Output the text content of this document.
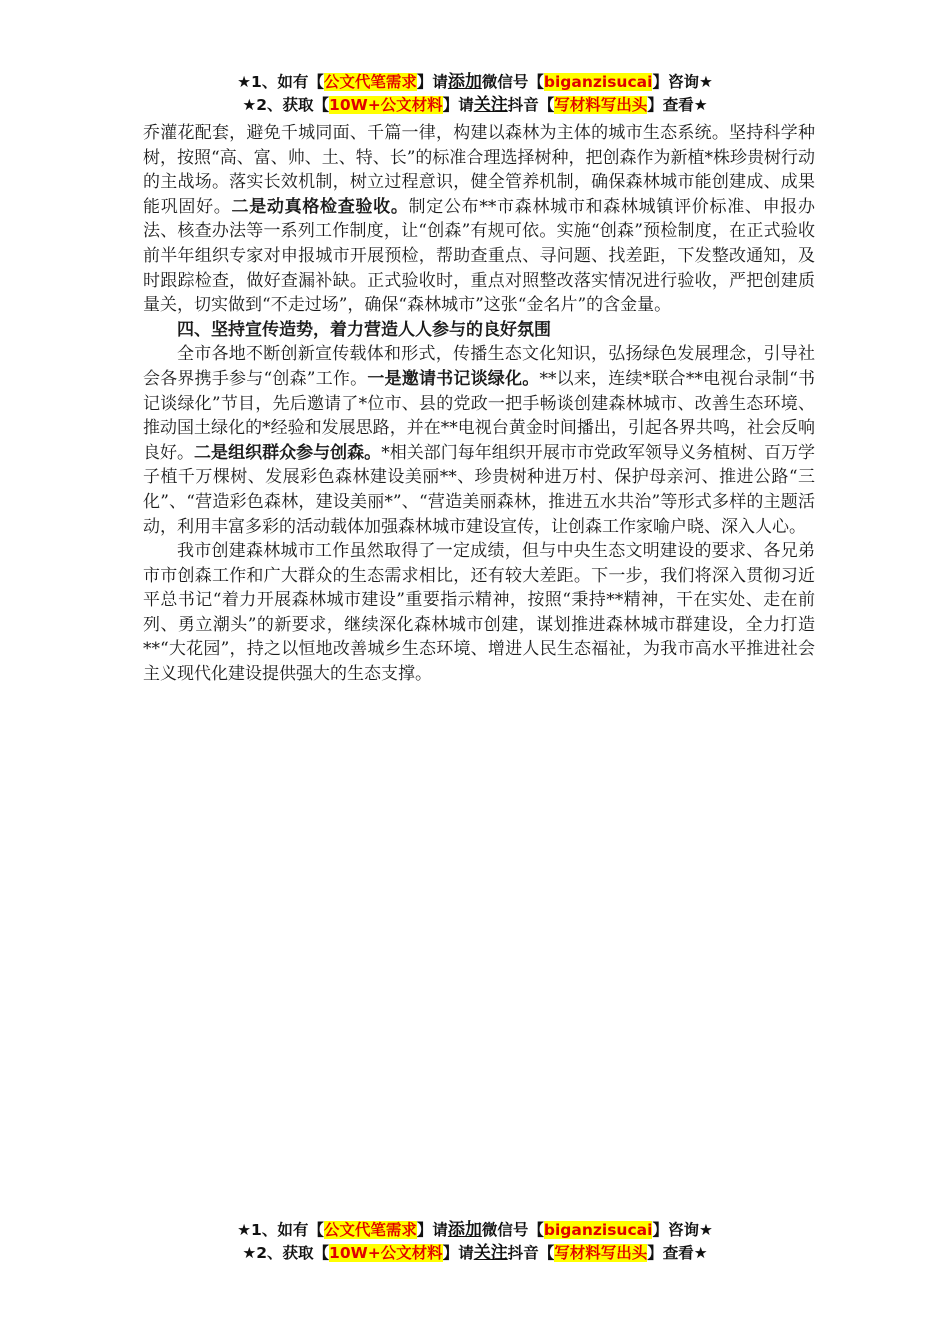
★1、如有【公文代笔需求】请添加微信号【biganzisucai】咨询★
★2、获取【10W+公文材料】请关注抖音【写材料写出头】查看★

乔灌花配套，避免千城同面、千篇一律，构建以森林为主体的城市生态系统。坚持科学种树，按照“高、富、帅、土、特、长”的标准合理选择树种，把创森作为新植*株珍贵树行动的主战场。落实长效机制，树立过程意识，健全管养机制，确保森林城市能创建成、成果能巩固好。二是动真格检查验收。制定公布**市森林城市和森林城镇评价标准、申报办法、核查办法等一系列工作制度，让“创森”有规可依。实施“创森”预检制度，在正式验收前半年组织专家对申报城市开展预检，帮助查重点、寻问题、找差距，下发整改通知，及时跟踪检查，做好查漏补缺。正式验收时，重点对照整改落实情况进行验收，严把创建质量关，切实做到“不走过场”，确保“森林城市”这张“金名片”的含金量。

四、坚持宣传造势，着力营造人人参与的良好氛围

全市各地不断创新宣传载体和形式，传播生态文化知识，弘扬绿色发展理念，引导社会各界携手参与“创森”工作。一是邀请书记谈绿化。**以来，连续*联合**电视台录制“书记谈绿化”节目，先后邀请了*位市、县的党政一把手畅谈创建森林城市、改善生态环境、推动国土绿化的*经验和发展思路，并在**电视台黄金时间播出，引起各界共鸣，社会反响良好。二是组织群众参与创森。*相关部门每年组织开展市市党政军领导义务植树、百万学子植千万棵树、发展彩色森林建设美丽**、珍贵树种进万村、保护母亲河、推进公路“三化”、“营造彩色森林，建设美丽*”、“营造美丽森林，推进五水共治”等形式多样的主题活动，利用丰富多彩的活动载体加强森林城市建设宣传，让创森工作家喻户晓、深入人心。

我市创建森林城市工作虽然取得了一定成绩，但与中央生态文明建设的要求、各兄弟市市创森工作和广大群众的生态需求相比，还有较大差距。下一步，我们将深入贯彻习近平总书记“着力开展森林城市建设”重要指示精神，按照“秉持**精神，干在实处、走在前列、勇立潮头”的新要求，继续深化森林城市创建，谋划推进森林城市群建设，全力打造**“大花园”，持之以恒地改善城乡生态环境、增进人民生态福祉，为我市高水平推进社会主义现代化建设提供强大的生态支撑。

★1、如有【公文代笔需求】请添加微信号【biganzisucai】咨询★
★2、获取【10W+公文材料】请关注抖音【写材料写出头】查看★
